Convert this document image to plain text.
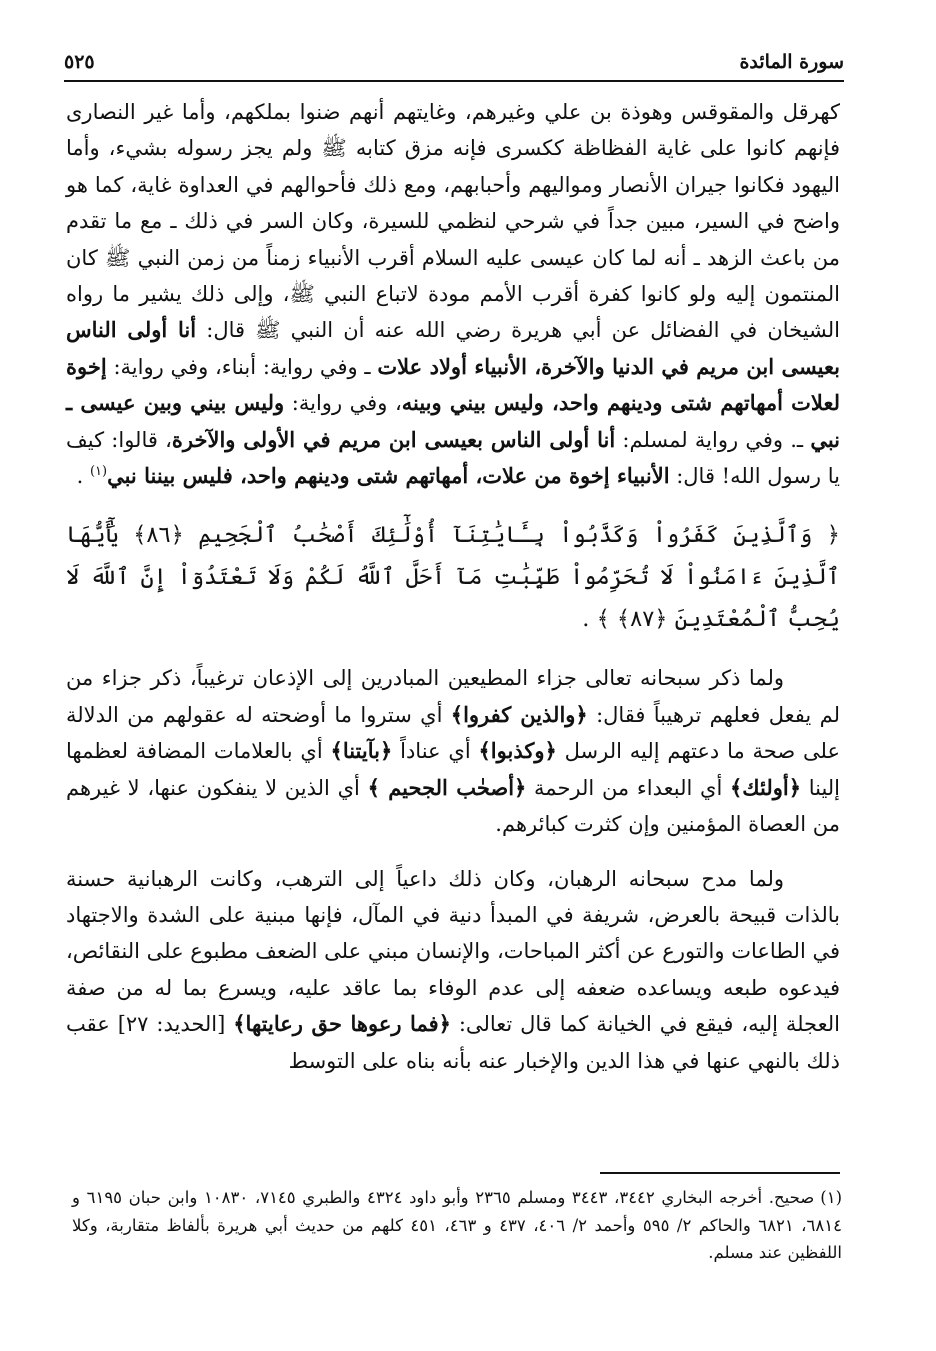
سورة المائدة
٥٢٥

كهرقل والمقوقس وهوذة بن علي وغيرهم، وغايتهم أنهم ضنوا بملكهم، وأما غير النصارى فإنهم كانوا على غاية الفظاظة ككسرى فإنه مزق كتابه ﷺ ولم يجز رسوله بشيء، وأما اليهود فكانوا جيران الأنصار ومواليهم وأحبابهم، ومع ذلك فأحوالهم في العداوة غاية، كما هو واضح في السير، مبين جداً في شرحي لنظمي للسيرة، وكان السر في ذلك ـ مع ما تقدم من باعث الزهد ـ أنه لما كان عيسى عليه السلام أقرب الأنبياء زمناً من زمن النبي ﷺ كان المنتمون إليه ولو كانوا كفرة أقرب الأمم مودة لاتباع النبي ﷺ، وإلى ذلك يشير ما رواه الشيخان في الفضائل عن أبي هريرة رضي الله عنه أن النبي ﷺ قال: أنا أولى الناس بعيسى ابن مريم في الدنيا والآخرة، الأنبياء أولاد علات ـ وفي رواية: أبناء، وفي رواية: إخوة لعلات أمهاتهم شتى ودينهم واحد، وليس بيني وبينه، وفي رواية: وليس بيني وبين عيسى ـ نبي ـ. وفي رواية لمسلم: أنا أولى الناس بعيسى ابن مريم في الأولى والآخرة، قالوا: كيف يا رسول الله! قال: الأنبياء إخوة من علات، أمهاتهم شتى ودينهم واحد، فليس بيننا نبي$^{(١)}$ .

﴿ وَٱلَّذِينَ كَفَرُواْ وَكَذَّبُواْ بِـَٔايَٰتِنَآ أُوْلَٰٓئِكَ أَصْحَٰبُ ٱلْجَحِيمِ ﴿٨٦﴾ يَٰٓأَيُّهَا ٱلَّذِينَ ءَامَنُواْ لَا تُحَرِّمُواْ طَيِّبَٰتِ مَآ أَحَلَّ ٱللَّهُ لَكُمْ وَلَا تَعْتَدُوٓاْ إِنَّ ٱللَّهَ لَا يُحِبُّ ٱلْمُعْتَدِينَ ﴿٨٧﴾ ﴾ .

ولما ذكر سبحانه تعالى جزاء المطيعين المبادرين إلى الإذعان ترغيباً، ذكر جزاء من لم يفعل فعلهم ترهيباً فقال: ﴿والذين كفروا﴾ أي ستروا ما أوضحته له عقولهم من الدلالة على صحة ما دعتهم إليه الرسل ﴿وكذبوا﴾ أي عناداً ﴿بآيتنا﴾ أي بالعلامات المضافة لعظمها إلينا ﴿أولئك﴾ أي البعداء من الرحمة ﴿أصحٰب الجحيم ﴾ أي الذين لا ينفكون عنها، لا غيرهم من العصاة المؤمنين وإن كثرت كبائرهم.

ولما مدح سبحانه الرهبان، وكان ذلك داعياً إلى الترهب، وكانت الرهبانية حسنة بالذات قبيحة بالعرض، شريفة في المبدأ دنية في المآل، فإنها مبنية على الشدة والاجتهاد في الطاعات والتورع عن أكثر المباحات، والإنسان مبني على الضعف مطبوع على النقائص، فيدعوه طبعه ويساعده ضعفه إلى عدم الوفاء بما عاقد عليه، ويسرع بما له من صفة العجلة إليه، فيقع في الخيانة كما قال تعالى: ﴿فما رعوها حق رعايتها﴾ [الحديد: ٢٧] عقب ذلك بالنهي عنها في هذا الدين والإخبار عنه بأنه بناه على التوسط

(١)صحيح. أخرجه البخاري ٣٤٤٢، ٣٤٤٣ ومسلم ٢٣٦٥ وأبو داود ٤٣٢٤ والطبري ٧١٤٥، ١٠٨٣٠ وابن حبان ٦١٩٥ و ٦٨١٤، ٦٨٢١ والحاكم ٢/ ٥٩٥ وأحمد ٢/ ٤٠٦، ٤٣٧ و ٤٦٣، ٤٥١ كلهم من حديث أبي هريرة بألفاظ متقاربة، وكلا اللفظين عند مسلم.
